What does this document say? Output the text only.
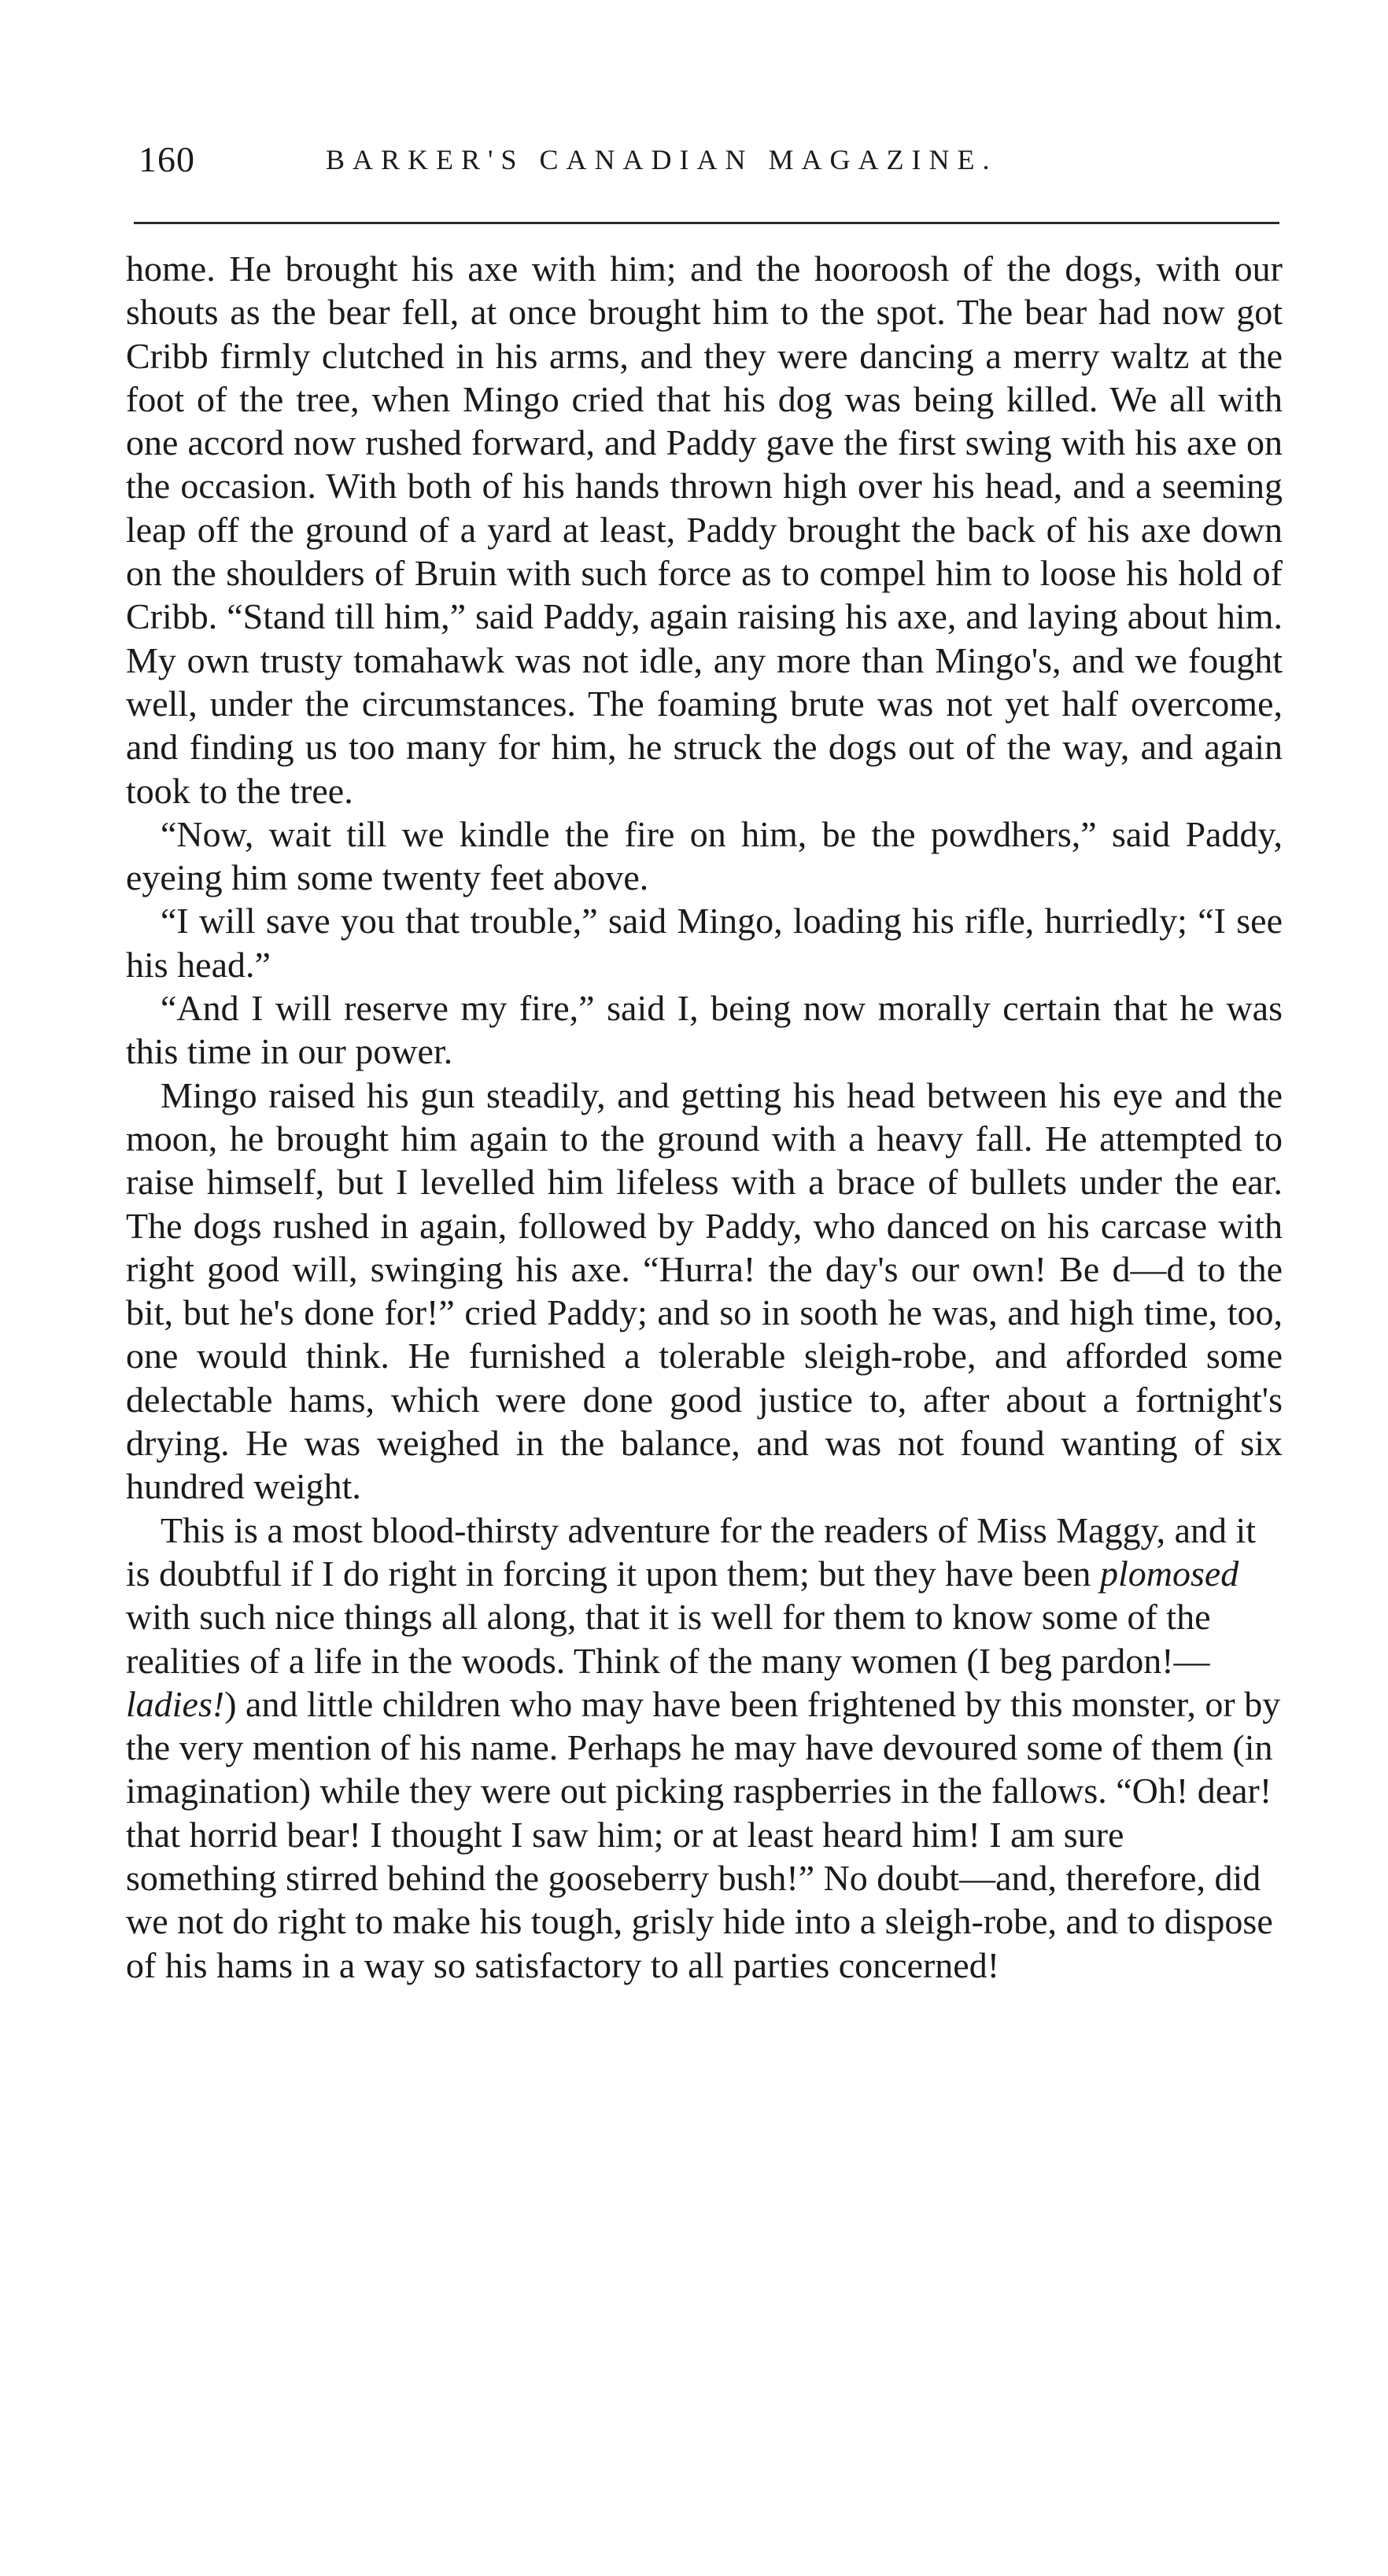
160	BARKER'S CANADIAN MAGAZINE.

home. He brought his axe with him; and the hooroosh of the dogs, with our shouts as the bear fell, at once brought him to the spot. The bear had now got Cribb firmly clutched in his arms, and they were dancing a merry waltz at the foot of the tree, when Mingo cried that his dog was being killed. We all with one accord now rushed forward, and Paddy gave the first swing with his axe on the occasion. With both of his hands thrown high over his head, and a seeming leap off the ground of a yard at least, Paddy brought the back of his axe down on the shoulders of Bruin with such force as to compel him to loose his hold of Cribb. “Stand till him,” said Paddy, again raising his axe, and laying about him. My own trusty tomahawk was not idle, any more than Mingo's, and we fought well, under the circumstances. The foaming brute was not yet half overcome, and finding us too many for him, he struck the dogs out of the way, and again took to the tree.

“Now, wait till we kindle the fire on him, be the powdhers,” said Paddy, eyeing him some twenty feet above.

“I will save you that trouble,” said Mingo, loading his rifle, hurriedly; “I see his head.”

“And I will reserve my fire,” said I, being now morally certain that he was this time in our power.

Mingo raised his gun steadily, and getting his head between his eye and the moon, he brought him again to the ground with a heavy fall. He attempted to raise himself, but I levelled him lifeless with a brace of bullets under the ear. The dogs rushed in again, followed by Paddy, who danced on his carcase with right good will, swinging his axe. “Hurra! the day's our own! Be d—d to the bit, but he's done for!” cried Paddy; and so in sooth he was, and high time, too, one would think. He furnished a tolerable sleigh-robe, and afforded some delectable hams, which were done good justice to, after about a fortnight's drying. He was weighed in the balance, and was not found wanting of six hundred weight.

This is a most blood-thirsty adventure for the readers of Miss Maggy, and it is doubtful if I do right in forcing it upon them; but they have been plomosed with such nice things all along, that it is well for them to know some of the realities of a life in the woods. Think of the many women (I beg pardon!—ladies!) and little children who may have been frightened by this monster, or by the very mention of his name. Perhaps he may have devoured some of them (in imagination) while they were out picking raspberries in the fallows. “Oh! dear! that horrid bear! I thought I saw him; or at least heard him! I am sure something stirred behind the gooseberry bush!” No doubt—and, therefore, did we not do right to make his tough, grisly hide into a sleigh-robe, and to dispose of his hams in a way so satisfactory to all parties concerned!
